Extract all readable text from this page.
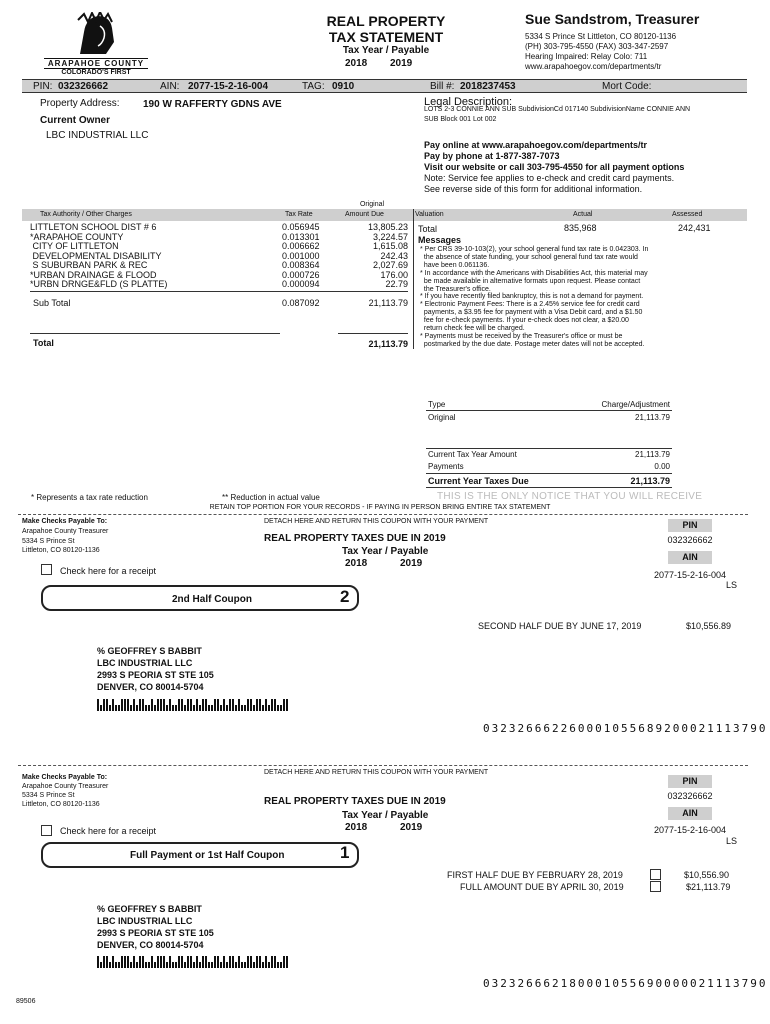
ARAPAHOE COUNTY
COLORADO'S FIRST
REAL PROPERTY
TAX STATEMENT
Tax Year / Payable
2018 2019
Sue Sandstrom, Treasurer
5334 S Prince St Littleton, CO 80120-1136
(PH) 303-795-4550 (FAX) 303-347-2597
Hearing Impaired: Relay Colo: 711
www.arapahoegov.com/departments/tr
PIN: 032326662	AIN: 2077-15-2-16-004	TAG: 0910	Bill #: 2018237453	Mort Code:
Property Address: 190 W RAFFERTY GDNS AVE
Current Owner
LBC INDUSTRIAL LLC
Legal Description:
LOTS 2-3 CONNIE ANN SUB SubdivisionCd 017140 SubdivisionName CONNIE ANN
SUB Block 001 Lot 002
Pay online at www.arapahoegov.com/departments/tr
Pay by phone at 1-877-387-7073
Visit our website or call 303-795-4550 for all payment options
Note: Service fee applies to e-check and credit card payments.
See reverse side of this form for additional information.
Original
Tax Authority / Other Charges	Tax Rate	Amount Due	Valuation	Actual	Assessed
LITTLETON SCHOOL DIST # 6	0.056945	13,805.23
*ARAPAHOE COUNTY	0.013301	3,224.57
CITY OF LITTLETON	0.006662	1,615.08
DEVELOPMENTAL DISABILITY	0.001000	242.43
S SUBURBAN PARK & REC	0.008364	2,027.69
*URBAN DRAINAGE & FLOOD	0.000726	176.00
*URBN DRNGE&FLD (S PLATTE)	0.000094	22.79
Sub Total	0.087092	21,113.79
Total	21,113.79
Total	835,968	242,431
Messages
* Per CRS 39-10-103(2), your school general fund tax rate is 0.042303. In
the absence of state funding, your school general fund tax rate would
have been 0.061136.
* In accordance with the Americans with Disabilities Act, this material may
be made available in alternative formats upon request. Please contact
the Treasurer's office.
* If you have recently filed bankruptcy, this is not a demand for payment.
* Electronic Payment Fees: There is a 2.45% service fee for credit card
payments, a $3.95 fee for payment with a Visa Debit card, and a $1.50
fee for e-check payments. If your e-check does not clear, a $20.00
return check fee will be charged.
* Payments must be received by the Treasurer's office or must be
postmarked by the due date. Postage meter dates will not be accepted.
Type	Charge/Adjustment
Original	21,113.79
Current Tax Year Amount	21,113.79
Payments	0.00
Current Year Taxes Due	21,113.79
* Represents a tax rate reduction	** Reduction in actual value	THIS IS THE ONLY NOTICE THAT YOU WILL RECEIVE
RETAIN TOP PORTION FOR YOUR RECORDS - IF PAYING IN PERSON BRING ENTIRE TAX STATEMENT
Make Checks Payable To:
Arapahoe County Treasurer
5334 S Prince St
Littleton, CO 80120-1136
DETACH HERE AND RETURN THIS COUPON WITH YOUR PAYMENT
REAL PROPERTY TAXES DUE IN 2019
Tax Year / Payable
2018	2019
PIN
032326662
AIN
2077-15-2-16-004
LS
Check here for a receipt
2nd Half Coupon	2
SECOND HALF DUE BY JUNE 17, 2019	$10,556.89
% GEOFFREY S BABBIT
LBC INDUSTRIAL LLC
2993 S PEORIA ST STE 105
DENVER, CO 80014-5704
032326662260001055689200021113790
DETACH HERE AND RETURN THIS COUPON WITH YOUR PAYMENT
Make Checks Payable To:
Arapahoe County Treasurer
5334 S Prince St
Littleton, CO 80120-1136	REAL PROPERTY TAXES DUE IN 2019
Tax Year / Payable
2018	2019
PIN
032326662
AIN
2077-15-2-16-004
LS
Check here for a receipt
Full Payment or 1st Half Coupon	1
FIRST HALF DUE BY FEBRUARY 28, 2019	$10,556.90
FULL AMOUNT DUE BY APRIL 30, 2019	$21,113.79
% GEOFFREY S BABBIT
LBC INDUSTRIAL LLC
2993 S PEORIA ST STE 105
DENVER, CO 80014-5704
032326662180001055690000021113790
89506
